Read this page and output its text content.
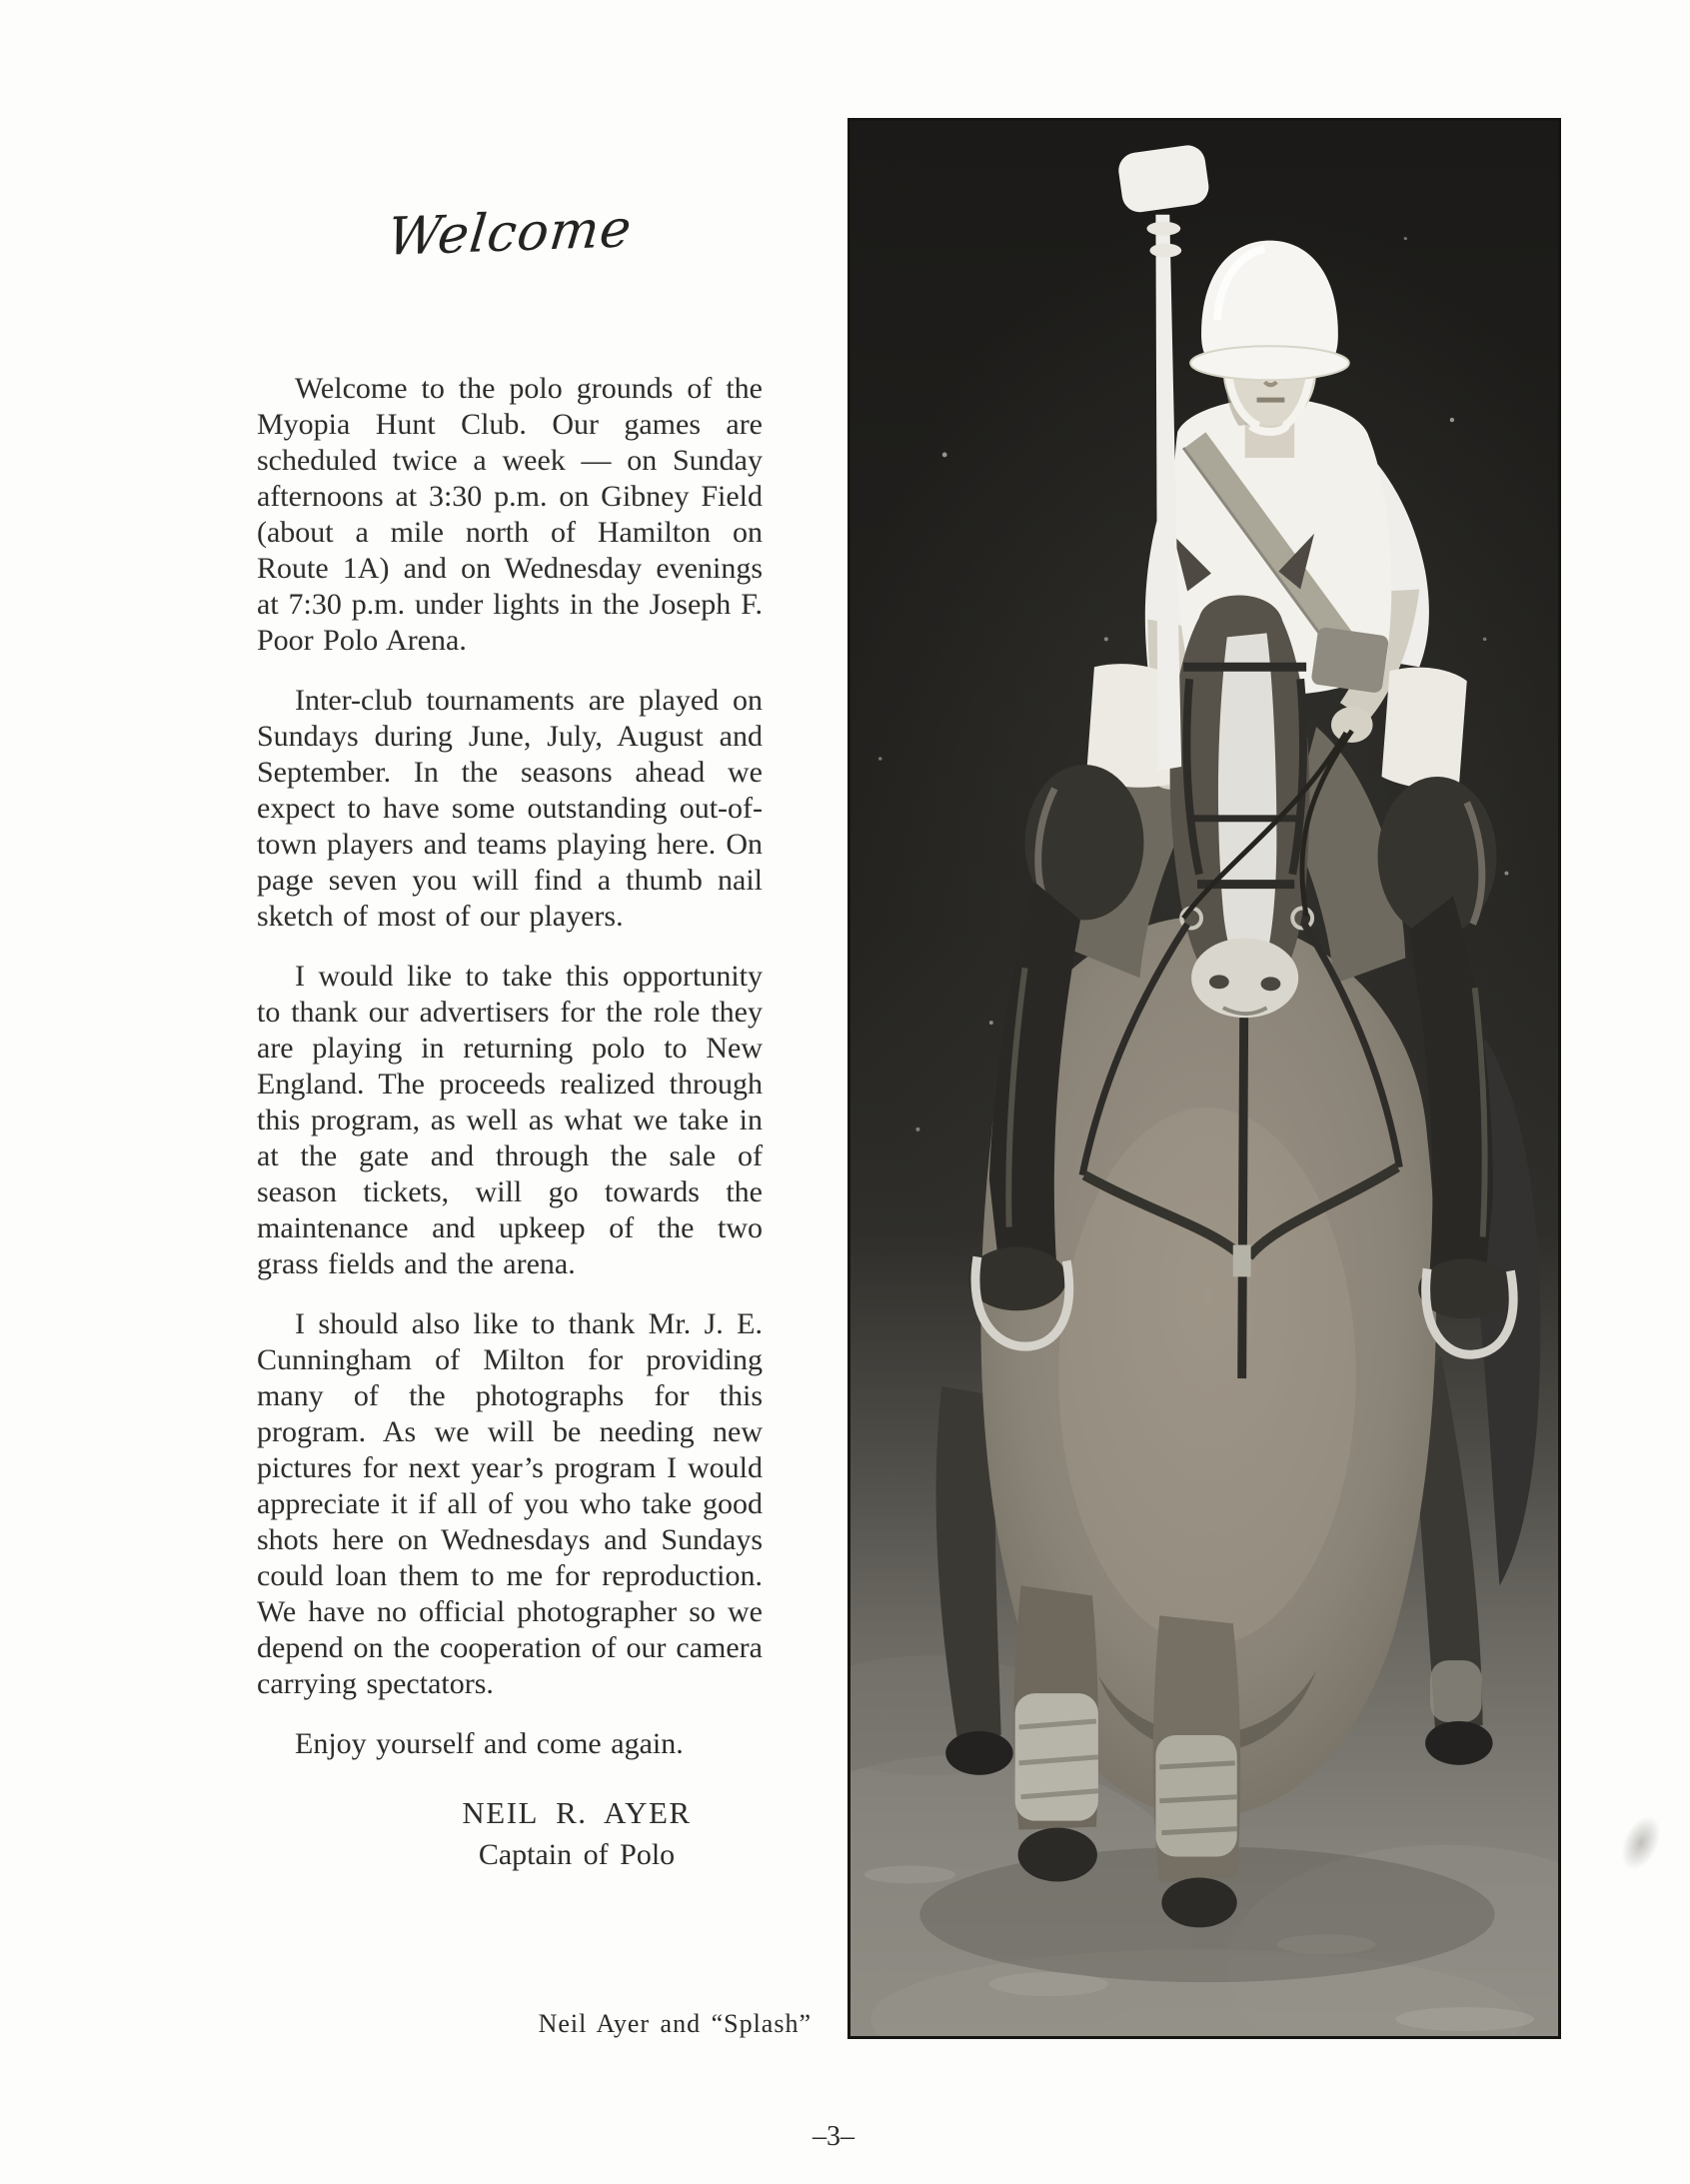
Welcome

Welcome to the polo grounds of the Myopia Hunt Club. Our games are scheduled twice a week — on Sunday afternoons at 3:30 p.m. on Gibney Field (about a mile north of Hamilton on Route 1A) and on Wednesday evenings at 7:30 p.m. under lights in the Joseph F. Poor Polo Arena.

Inter-club tournaments are played on Sundays during June, July, August and September. In the seasons ahead we expect to have some outstanding out-of-town players and teams playing here. On page seven you will find a thumb nail sketch of most of our players.

I would like to take this opportunity to thank our advertisers for the role they are playing in returning polo to New England. The proceeds realized through this program, as well as what we take in at the gate and through the sale of season tickets, will go towards the maintenance and upkeep of the two grass fields and the arena.

I should also like to thank Mr. J. E. Cunningham of Milton for providing many of the photographs for this program. As we will be needing new pictures for next year’s program I would appreciate it if all of you who take good shots here on Wednesdays and Sundays could loan them to me for reproduction. We have no official photographer so we depend on the cooperation of our camera carrying spectators.

Enjoy yourself and come again.

NEIL R. AYER
Captain of Polo
Neil Ayer and “Splash”
–3–
